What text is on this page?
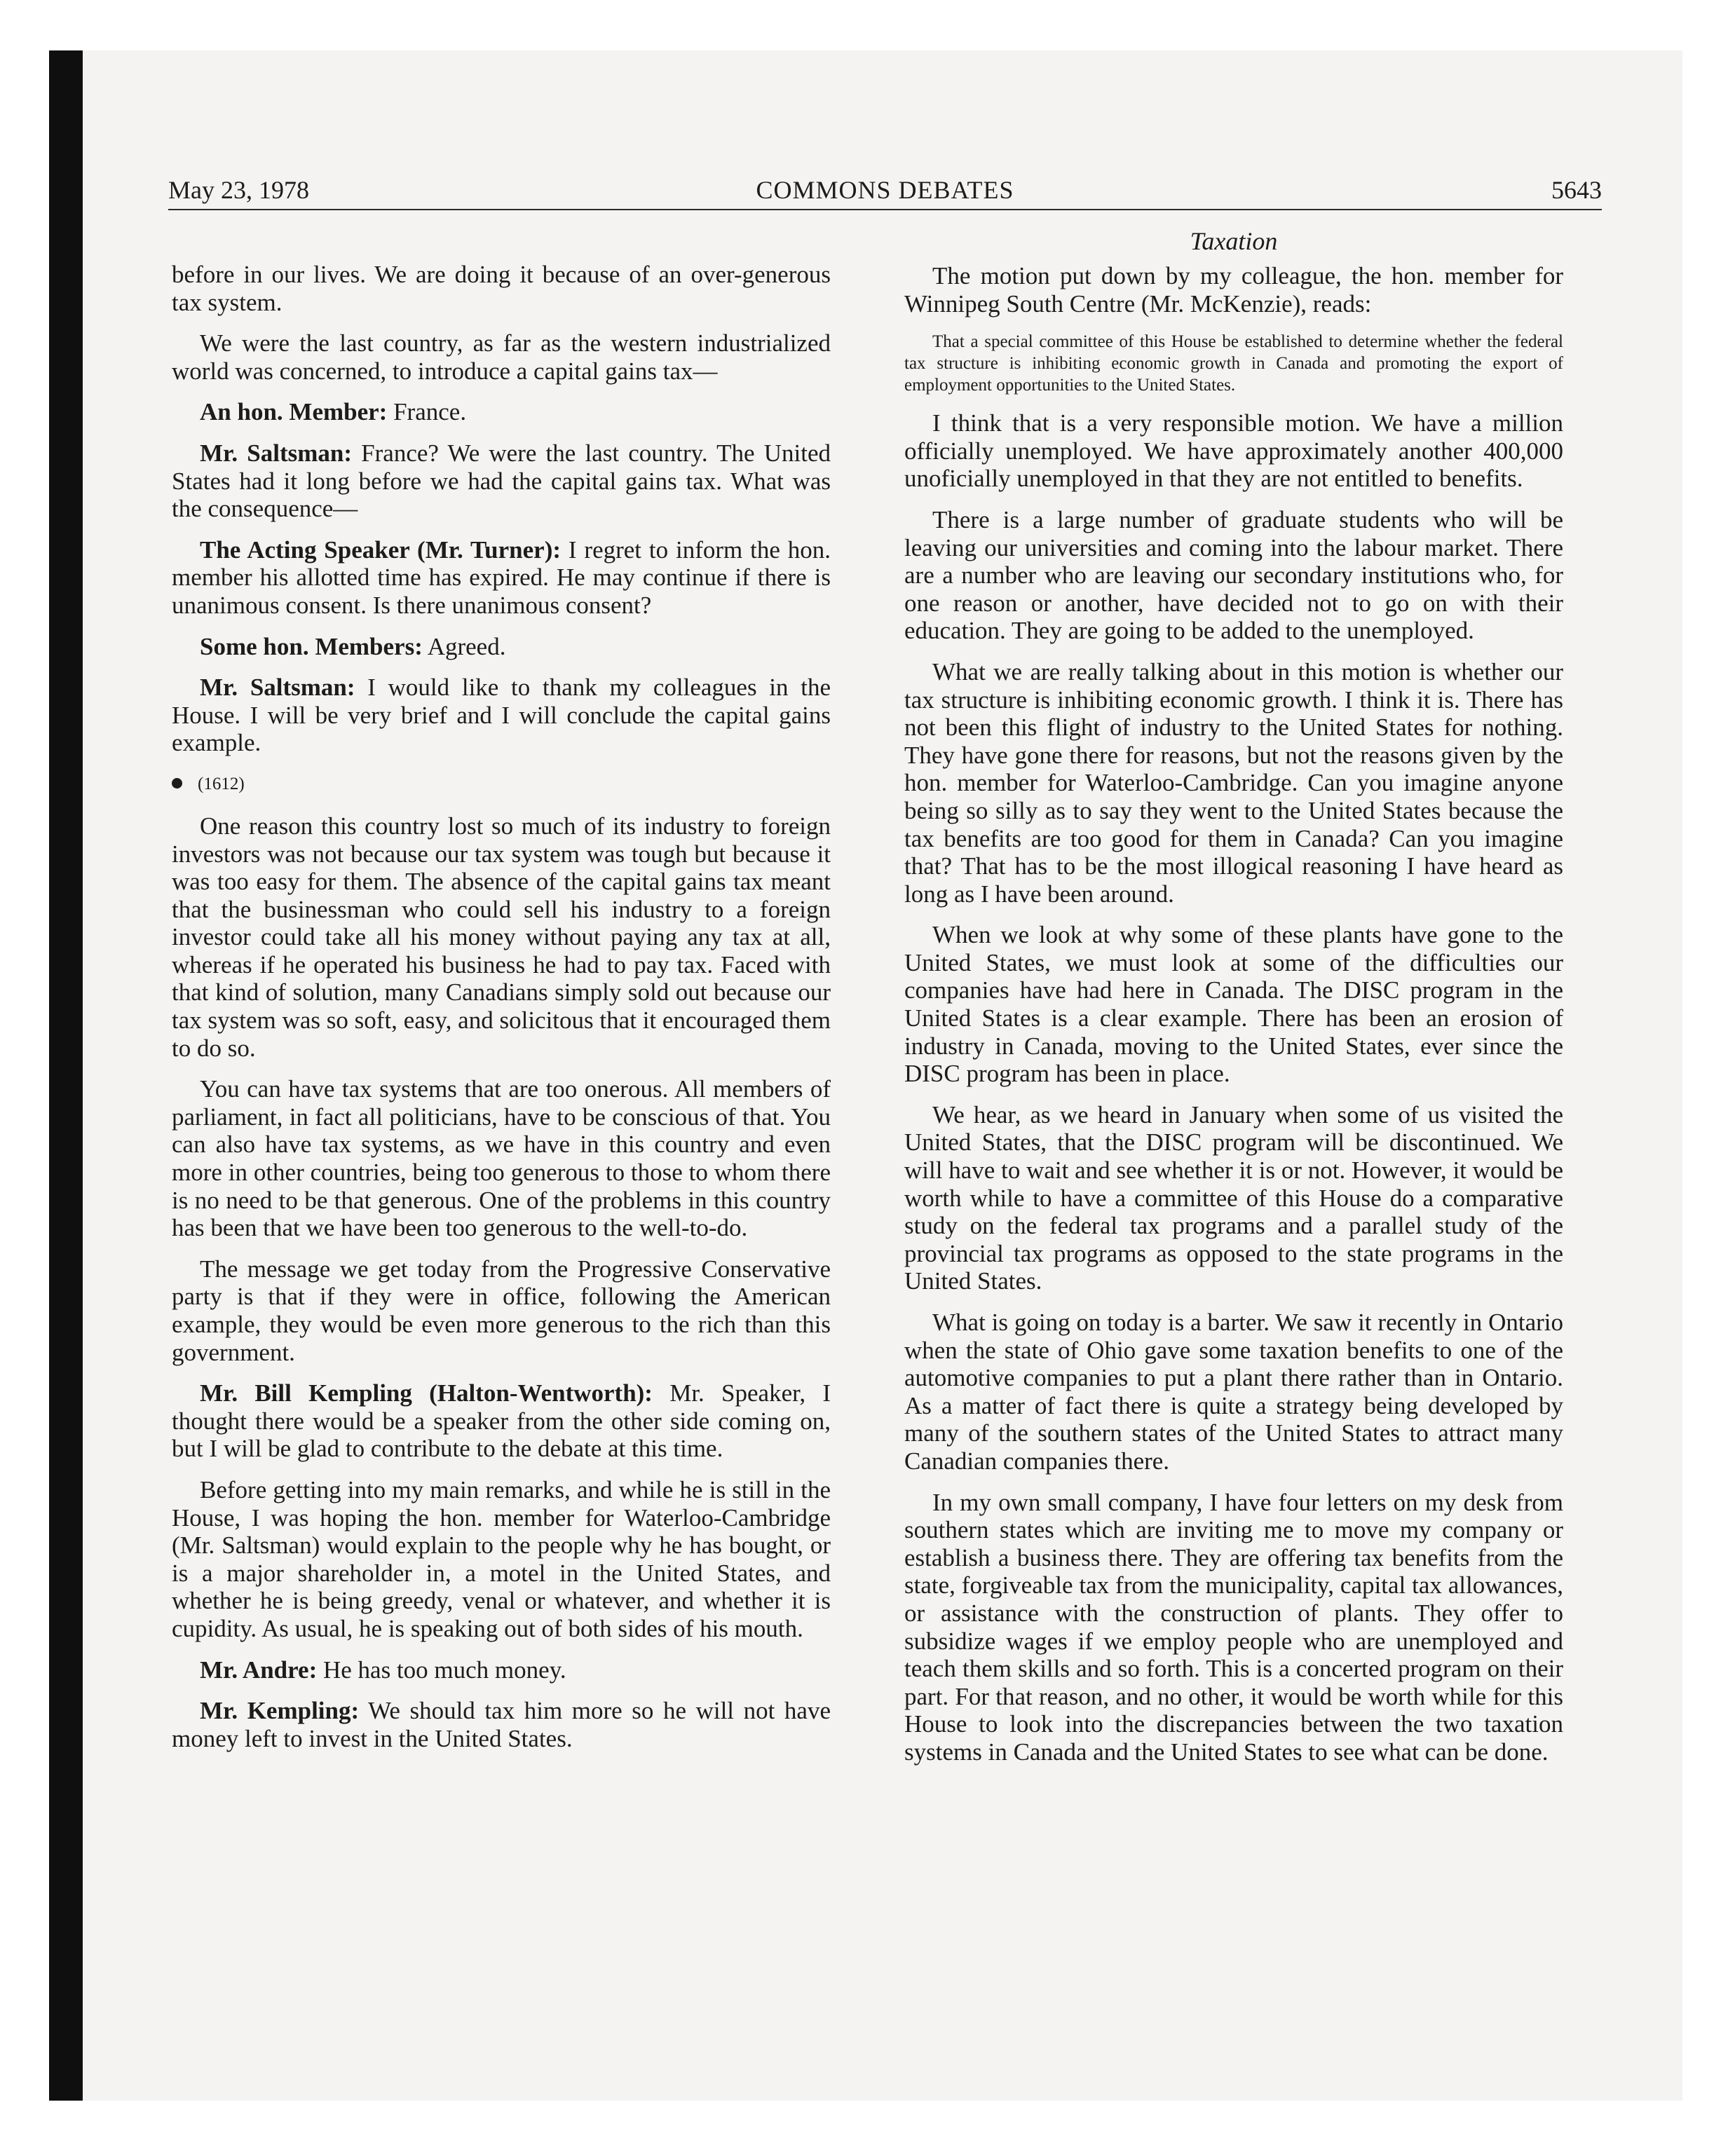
May 23, 1978	COMMONS DEBATES	5643

before in our lives. We are doing it because of an over-generous tax system.

We were the last country, as far as the western industrialized world was concerned, to introduce a capital gains tax—

An hon. Member: France.

Mr. Saltsman: France? We were the last country. The United States had it long before we had the capital gains tax. What was the consequence—

The Acting Speaker (Mr. Turner): I regret to inform the hon. member his allotted time has expired. He may continue if there is unanimous consent. Is there unanimous consent?

Some hon. Members: Agreed.

Mr. Saltsman: I would like to thank my colleagues in the House. I will be very brief and I will conclude the capital gains example.

(1612)

One reason this country lost so much of its industry to foreign investors was not because our tax system was tough but because it was too easy for them. The absence of the capital gains tax meant that the businessman who could sell his industry to a foreign investor could take all his money without paying any tax at all, whereas if he operated his business he had to pay tax. Faced with that kind of solution, many Canadians simply sold out because our tax system was so soft, easy, and solicitous that it encouraged them to do so.

You can have tax systems that are too onerous. All members of parliament, in fact all politicians, have to be conscious of that. You can also have tax systems, as we have in this country and even more in other countries, being too generous to those to whom there is no need to be that generous. One of the problems in this country has been that we have been too generous to the well-to-do.

The message we get today from the Progressive Conservative party is that if they were in office, following the American example, they would be even more generous to the rich than this government.

Mr. Bill Kempling (Halton-Wentworth): Mr. Speaker, I thought there would be a speaker from the other side coming on, but I will be glad to contribute to the debate at this time.

Before getting into my main remarks, and while he is still in the House, I was hoping the hon. member for Waterloo-Cambridge (Mr. Saltsman) would explain to the people why he has bought, or is a major shareholder in, a motel in the United States, and whether he is being greedy, venal or whatever, and whether it is cupidity. As usual, he is speaking out of both sides of his mouth.

Mr. Andre: He has too much money.

Mr. Kempling: We should tax him more so he will not have money left to invest in the United States.

Taxation

The motion put down by my colleague, the hon. member for Winnipeg South Centre (Mr. McKenzie), reads:

That a special committee of this House be established to determine whether the federal tax structure is inhibiting economic growth in Canada and promoting the export of employment opportunities to the United States.

I think that is a very responsible motion. We have a million officially unemployed. We have approximately another 400,000 unoficially unemployed in that they are not entitled to benefits.

There is a large number of graduate students who will be leaving our universities and coming into the labour market. There are a number who are leaving our secondary institutions who, for one reason or another, have decided not to go on with their education. They are going to be added to the unemployed.

What we are really talking about in this motion is whether our tax structure is inhibiting economic growth. I think it is. There has not been this flight of industry to the United States for nothing. They have gone there for reasons, but not the reasons given by the hon. member for Waterloo-Cambridge. Can you imagine anyone being so silly as to say they went to the United States because the tax benefits are too good for them in Canada? Can you imagine that? That has to be the most illogical reasoning I have heard as long as I have been around.

When we look at why some of these plants have gone to the United States, we must look at some of the difficulties our companies have had here in Canada. The DISC program in the United States is a clear example. There has been an erosion of industry in Canada, moving to the United States, ever since the DISC program has been in place.

We hear, as we heard in January when some of us visited the United States, that the DISC program will be discontinued. We will have to wait and see whether it is or not. However, it would be worth while to have a committee of this House do a comparative study on the federal tax programs and a parallel study of the provincial tax programs as opposed to the state programs in the United States.

What is going on today is a barter. We saw it recently in Ontario when the state of Ohio gave some taxation benefits to one of the automotive companies to put a plant there rather than in Ontario. As a matter of fact there is quite a strategy being developed by many of the southern states of the United States to attract many Canadian companies there.

In my own small company, I have four letters on my desk from southern states which are inviting me to move my company or establish a business there. They are offering tax benefits from the state, forgiveable tax from the municipality, capital tax allowances, or assistance with the construction of plants. They offer to subsidize wages if we employ people who are unemployed and teach them skills and so forth. This is a concerted program on their part. For that reason, and no other, it would be worth while for this House to look into the discrepancies between the two taxation systems in Canada and the United States to see what can be done.
